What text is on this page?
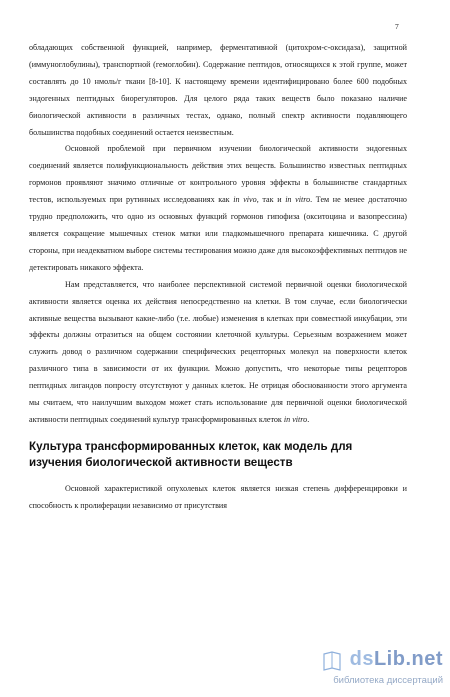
7

обладающих собственной функцией, например, ферментативной (цитохром-с-оксидаза), защитной (иммуноглобулины), транспортной (гемоглобин). Содержание пептидов, относящихся к этой группе, может составлять до 10 нмоль/г ткани [8-10]. К настоящему времени идентифицировано более 600 подобных эндогенных пептидных биорегуляторов. Для целого ряда таких веществ было показано наличие биологической активности в различных тестах, однако, полный спектр активности подавляющего большинства подобных соединений остается неизвестным.

Основной проблемой при первичном изучении биологической активности эндогенных соединений является полифункциональность действия этих веществ. Большинство известных пептидных гормонов проявляют значимо отличные от контрольного уровня эффекты в большинстве стандартных тестов, используемых при рутинных исследованиях как in vivo, так и in vitro. Тем не менее достаточно трудно предположить, что одно из основных функций гормонов гипофиза (окситоцина и вазопрессина) является сокращение мышечных стенок матки или гладкомышечного препарата кишечника. С другой стороны, при неадекватном выборе системы тестирования можно даже для высокоэффективных пептидов не детектировать никакого эффекта.

Нам представляется, что наиболее перспективной системой первичной оценки биологической активности является оценка их действия непосредственно на клетки. В том случае, если биологически активные вещества вызывают какие-либо (т.е. любые) изменения в клетках при совместной инкубации, эти эффекты должны отразиться на общем состоянии клеточной культуры. Серьезным возражением может служить довод о различном содержании специфических рецепторных молекул на поверхности клеток различного типа в зависимости от их функции. Можно допустить, что некоторые типы рецепторов пептидных лигандов попросту отсутствуют у данных клеток. Не отрицая обоснованности этого аргумента мы считаем, что наилучшим выходом может стать использование для первичной оценки биологической активности пептидных соединений культур трансформированных клеток in vitro.

Культура трансформированных клеток, как модель для изучения биологической активности веществ

Основной характеристикой опухолевых клеток является низкая степень дифференцировки и способность к пролиферации независимо от присутствия

dsLib.net
библиотека диссертаций
